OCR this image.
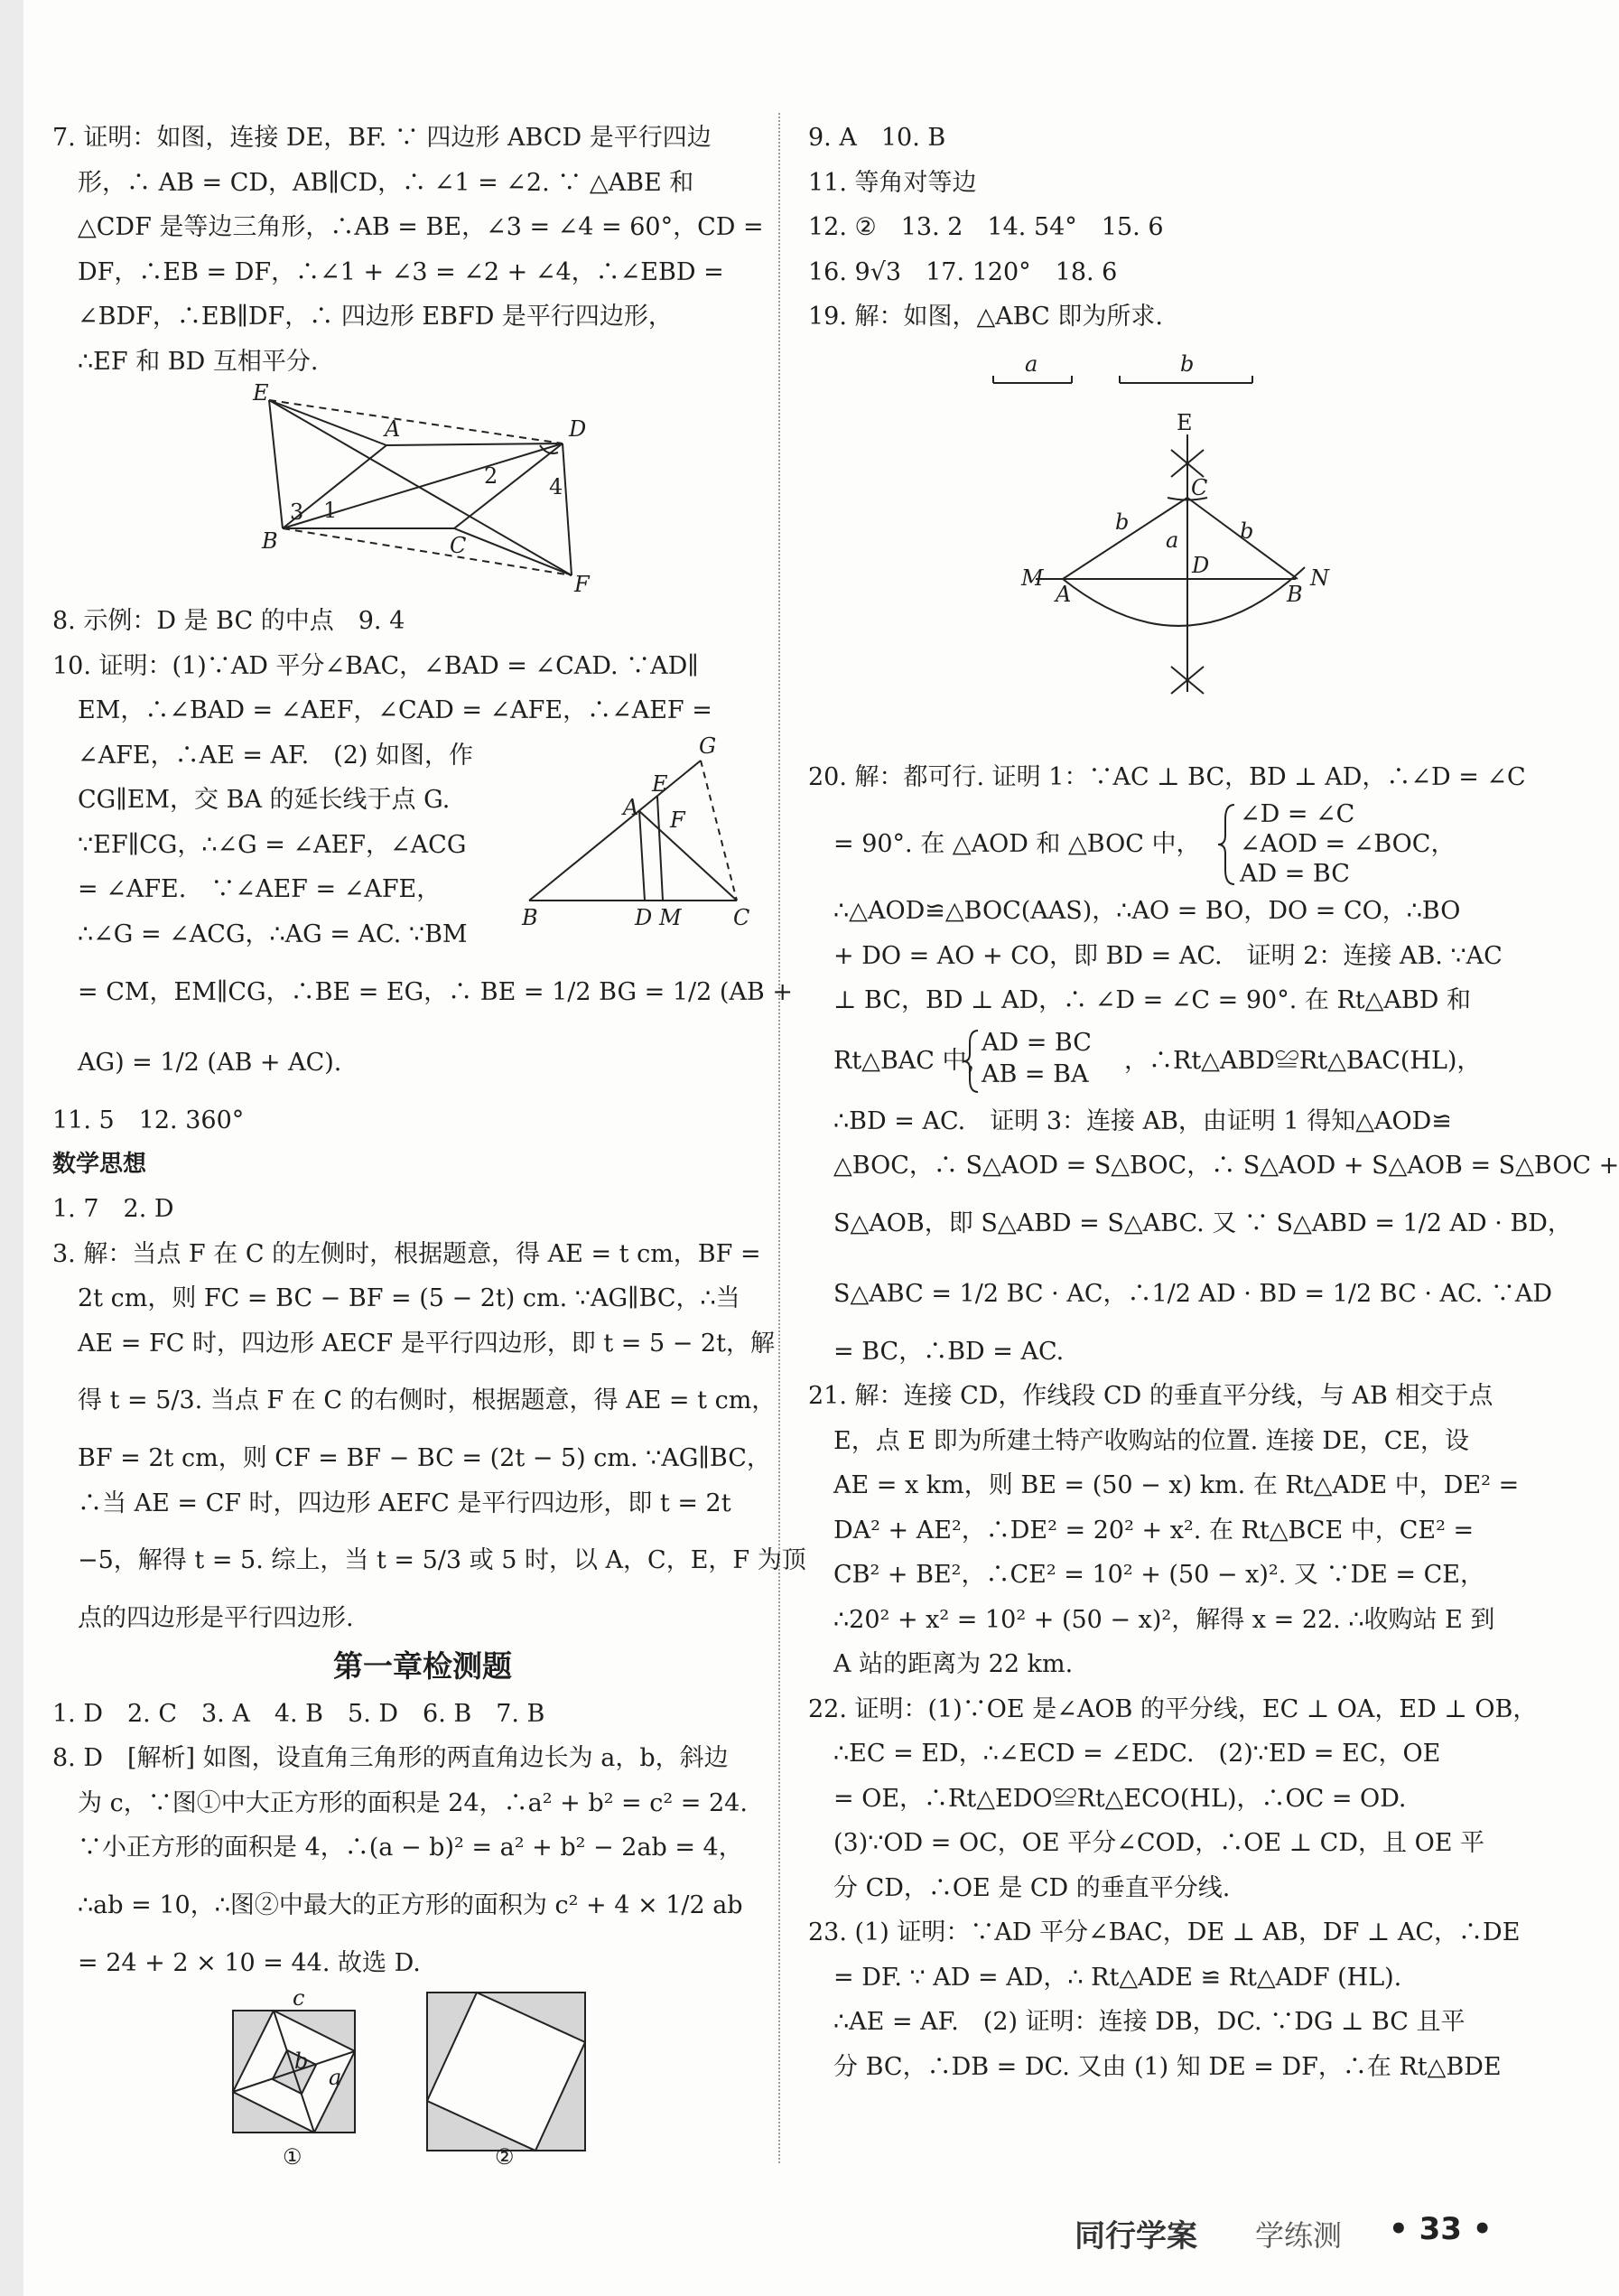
7. 证明：如图，连接 DE，BF. ∵ 四边形 ABCD 是平行四边
形，∴ AB = CD，AB∥CD，∴ ∠1 = ∠2. ∵ △ABE 和
△CDF 是等边三角形，∴AB = BE，∠3 = ∠4 = 60°，CD =
DF，∴EB = DF，∴∠1 + ∠3 = ∠2 + ∠4，∴∠EBD =
∠BDF，∴EB∥DF，∴ 四边形 EBFD 是平行四边形，
∴EF 和 BD 互相平分.
E
A	D
B	C
F
1
2
3
4
8. 示例：D 是 BC 的中点　9. 4
10. 证明：(1)∵AD 平分∠BAC，∠BAD = ∠CAD. ∵AD∥
EM，∴∠BAD = ∠AEF，∠CAD = ∠AFE，∴∠AEF =
∠AFE，∴AE = AF.　(2) 如图，作
CG∥EM，交 BA 的延长线于点 G.
∵EF∥CG，∴∠G = ∠AEF，∠ACG
= ∠AFE.　∵∠AEF = ∠AFE，
∴∠G = ∠ACG，∴AG = AC. ∵BM
G
E
A F
B	D M C
= CM，EM∥CG，∴BE = EG，∴ BE = 1/2 BG = 1/2 (AB +
AG) = 1/2 (AB + AC).
11. 5　12. 360°
数学思想
1. 7　2. D
3. 解：当点 F 在 C 的左侧时，根据题意，得 AE = t cm，BF =
2t cm，则 FC = BC − BF = (5 − 2t) cm. ∵AG∥BC，∴当
AE = FC 时，四边形 AECF 是平行四边形，即 t = 5 − 2t，解
得 t = 5/3. 当点 F 在 C 的右侧时，根据题意，得 AE = t cm，
BF = 2t cm，则 CF = BF − BC = (2t − 5) cm. ∵AG∥BC，
∴当 AE = CF 时，四边形 AEFC 是平行四边形，即 t = 2t
−5，解得 t = 5. 综上，当 t = 5/3 或 5 时，以 A，C，E，F 为顶
点的四边形是平行四边形.
第一章检测题
1. D　2. C　3. A　4. B　5. D　6. B　7. B
8. D　[解析] 如图，设直角三角形的两直角边长为 a，b，斜边
为 c，∵图①中大正方形的面积是 24，∴a² + b² = c² = 24.
∵小正方形的面积是 4，∴(a − b)² = a² + b² − 2ab = 4，
∴ab = 10，∴图②中最大的正方形的面积为 c² + 4 × 1/2 ab
= 24 + 2 × 10 = 44. 故选 D.
c
b
a
①	②
9. A　10. B
11. 等角对等边
12. ②　13. 2　14. 54°　15. 6
16. 9√3　17. 120°　18. 6
19. 解：如图，△ABC 即为所求.
a	b
E
C
b	b
a
D
M
A	B
N
20. 解：都可行. 证明 1：∵AC ⊥ BC，BD ⊥ AD，∴∠D = ∠C
= 90°. 在 △AOD 和 △BOC 中，
∠D = ∠C
∠AOD = ∠BOC，
AD = BC
∴△AOD≌△BOC(AAS)，∴AO = BO，DO = CO，∴BO
+ DO = AO + CO，即 BD = AC.　证明 2：连接 AB. ∵AC
⊥ BC，BD ⊥ AD，∴ ∠D = ∠C = 90°. 在 Rt△ABD 和
Rt△BAC 中，
AD = BC
AB = BA ，∴Rt△ABD≌Rt△BAC(HL)，
∴BD = AC.　证明 3：连接 AB，由证明 1 得知△AOD≌
△BOC，∴ S△AOD = S△BOC，∴ S△AOD + S△AOB = S△BOC +
S△AOB，即 S△ABD = S△ABC. 又 ∵ S△ABD = 1/2 AD · BD，
S△ABC = 1/2 BC · AC，∴1/2 AD · BD = 1/2 BC · AC. ∵AD
= BC，∴BD = AC.
21. 解：连接 CD，作线段 CD 的垂直平分线，与 AB 相交于点
E，点 E 即为所建土特产收购站的位置. 连接 DE，CE，设
AE = x km，则 BE = (50 − x) km. 在 Rt△ADE 中，DE² =
DA² + AE²，∴DE² = 20² + x². 在 Rt△BCE 中，CE² =
CB² + BE²，∴CE² = 10² + (50 − x)². 又 ∵DE = CE，
∴20² + x² = 10² + (50 − x)²，解得 x = 22. ∴收购站 E 到
A 站的距离为 22 km.
22. 证明：(1)∵OE 是∠AOB 的平分线，EC ⊥ OA，ED ⊥ OB，
∴EC = ED，∴∠ECD = ∠EDC.　(2)∵ED = EC，OE
= OE，∴Rt△EDO≌Rt△ECO(HL)，∴OC = OD.
(3)∵OD = OC，OE 平分∠COD，∴OE ⊥ CD，且 OE 平
分 CD，∴OE 是 CD 的垂直平分线.
23. (1) 证明：∵AD 平分∠BAC，DE ⊥ AB，DF ⊥ AC，∴DE
= DF. ∵ AD = AD，∴ Rt△ADE ≌ Rt△ADF (HL).
∴AE = AF.　(2) 证明：连接 DB，DC. ∵DG ⊥ BC 且平
分 BC，∴DB = DC. 又由 (1) 知 DE = DF，∴在 Rt△BDE
同行学案 学练测 • 33 •
